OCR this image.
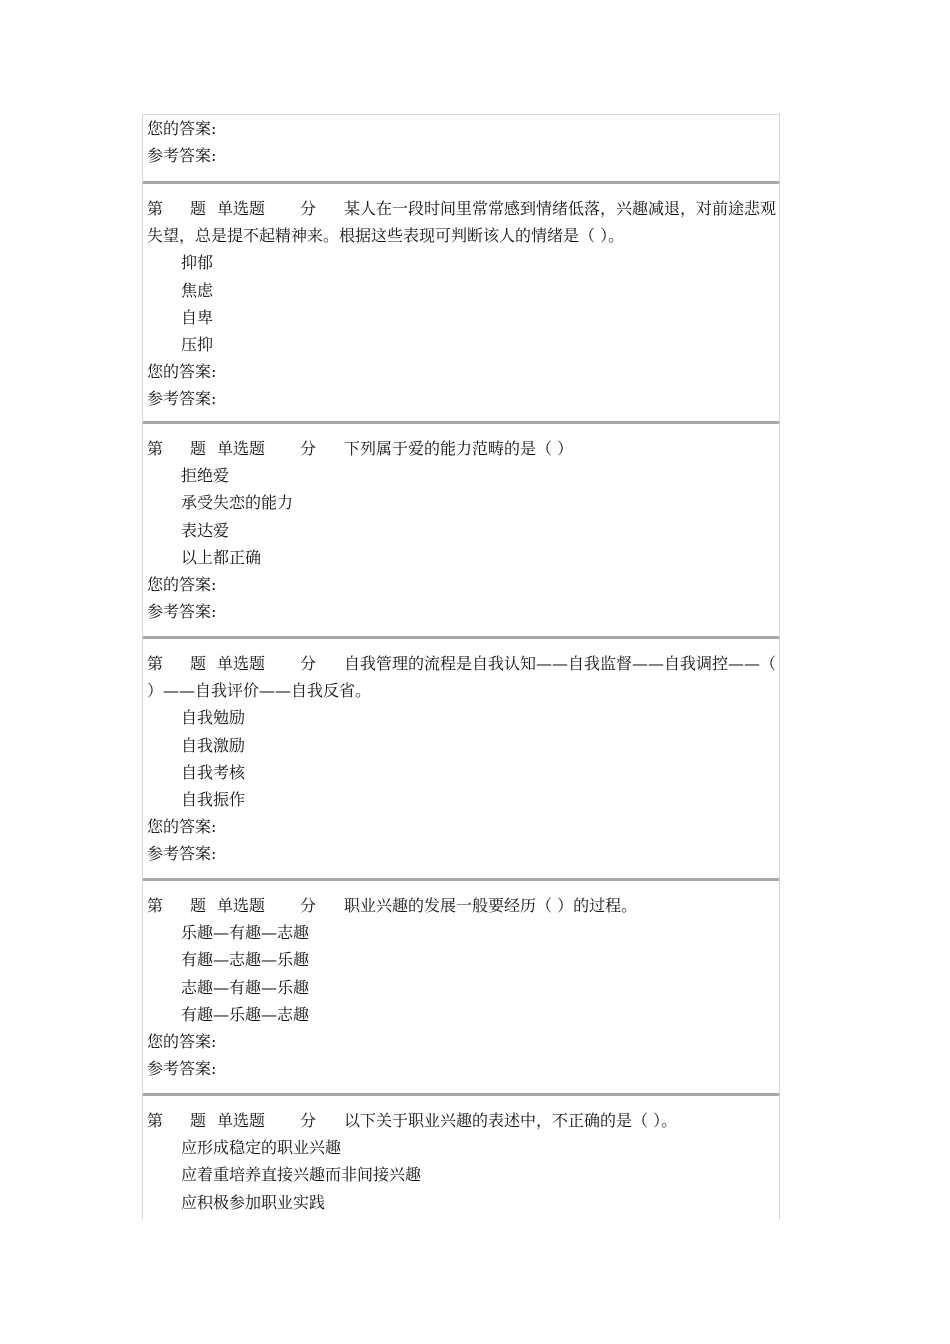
您的答案:
参考答案:
第 题 单选题 分 某人在一段时间里常常感到情绪低落，兴趣减退，对前途悲观失望，总是提不起精神来。根据这些表现可判断该人的情绪是（ ）。
抑郁
焦虑
自卑
压抑
您的答案:
参考答案:
第 题 单选题 分 下列属于爱的能力范畴的是（ ）
拒绝爱
承受失恋的能力
表达爱
以上都正确
您的答案:
参考答案:
第 题 单选题 分 自我管理的流程是自我认知——自我监督——自我调控——（ ）——自我评价——自我反省。
自我勉励
自我激励
自我考核
自我振作
您的答案:
参考答案:
第 题 单选题 分 职业兴趣的发展一般要经历（ ）的过程。
乐趣—有趣—志趣
有趣—志趣—乐趣
志趣—有趣—乐趣
有趣—乐趣—志趣
您的答案:
参考答案:
第 题 单选题 分 以下关于职业兴趣的表述中，不正确的是（ ）。
应形成稳定的职业兴趣
应着重培养直接兴趣而非间接兴趣
应积极参加职业实践
